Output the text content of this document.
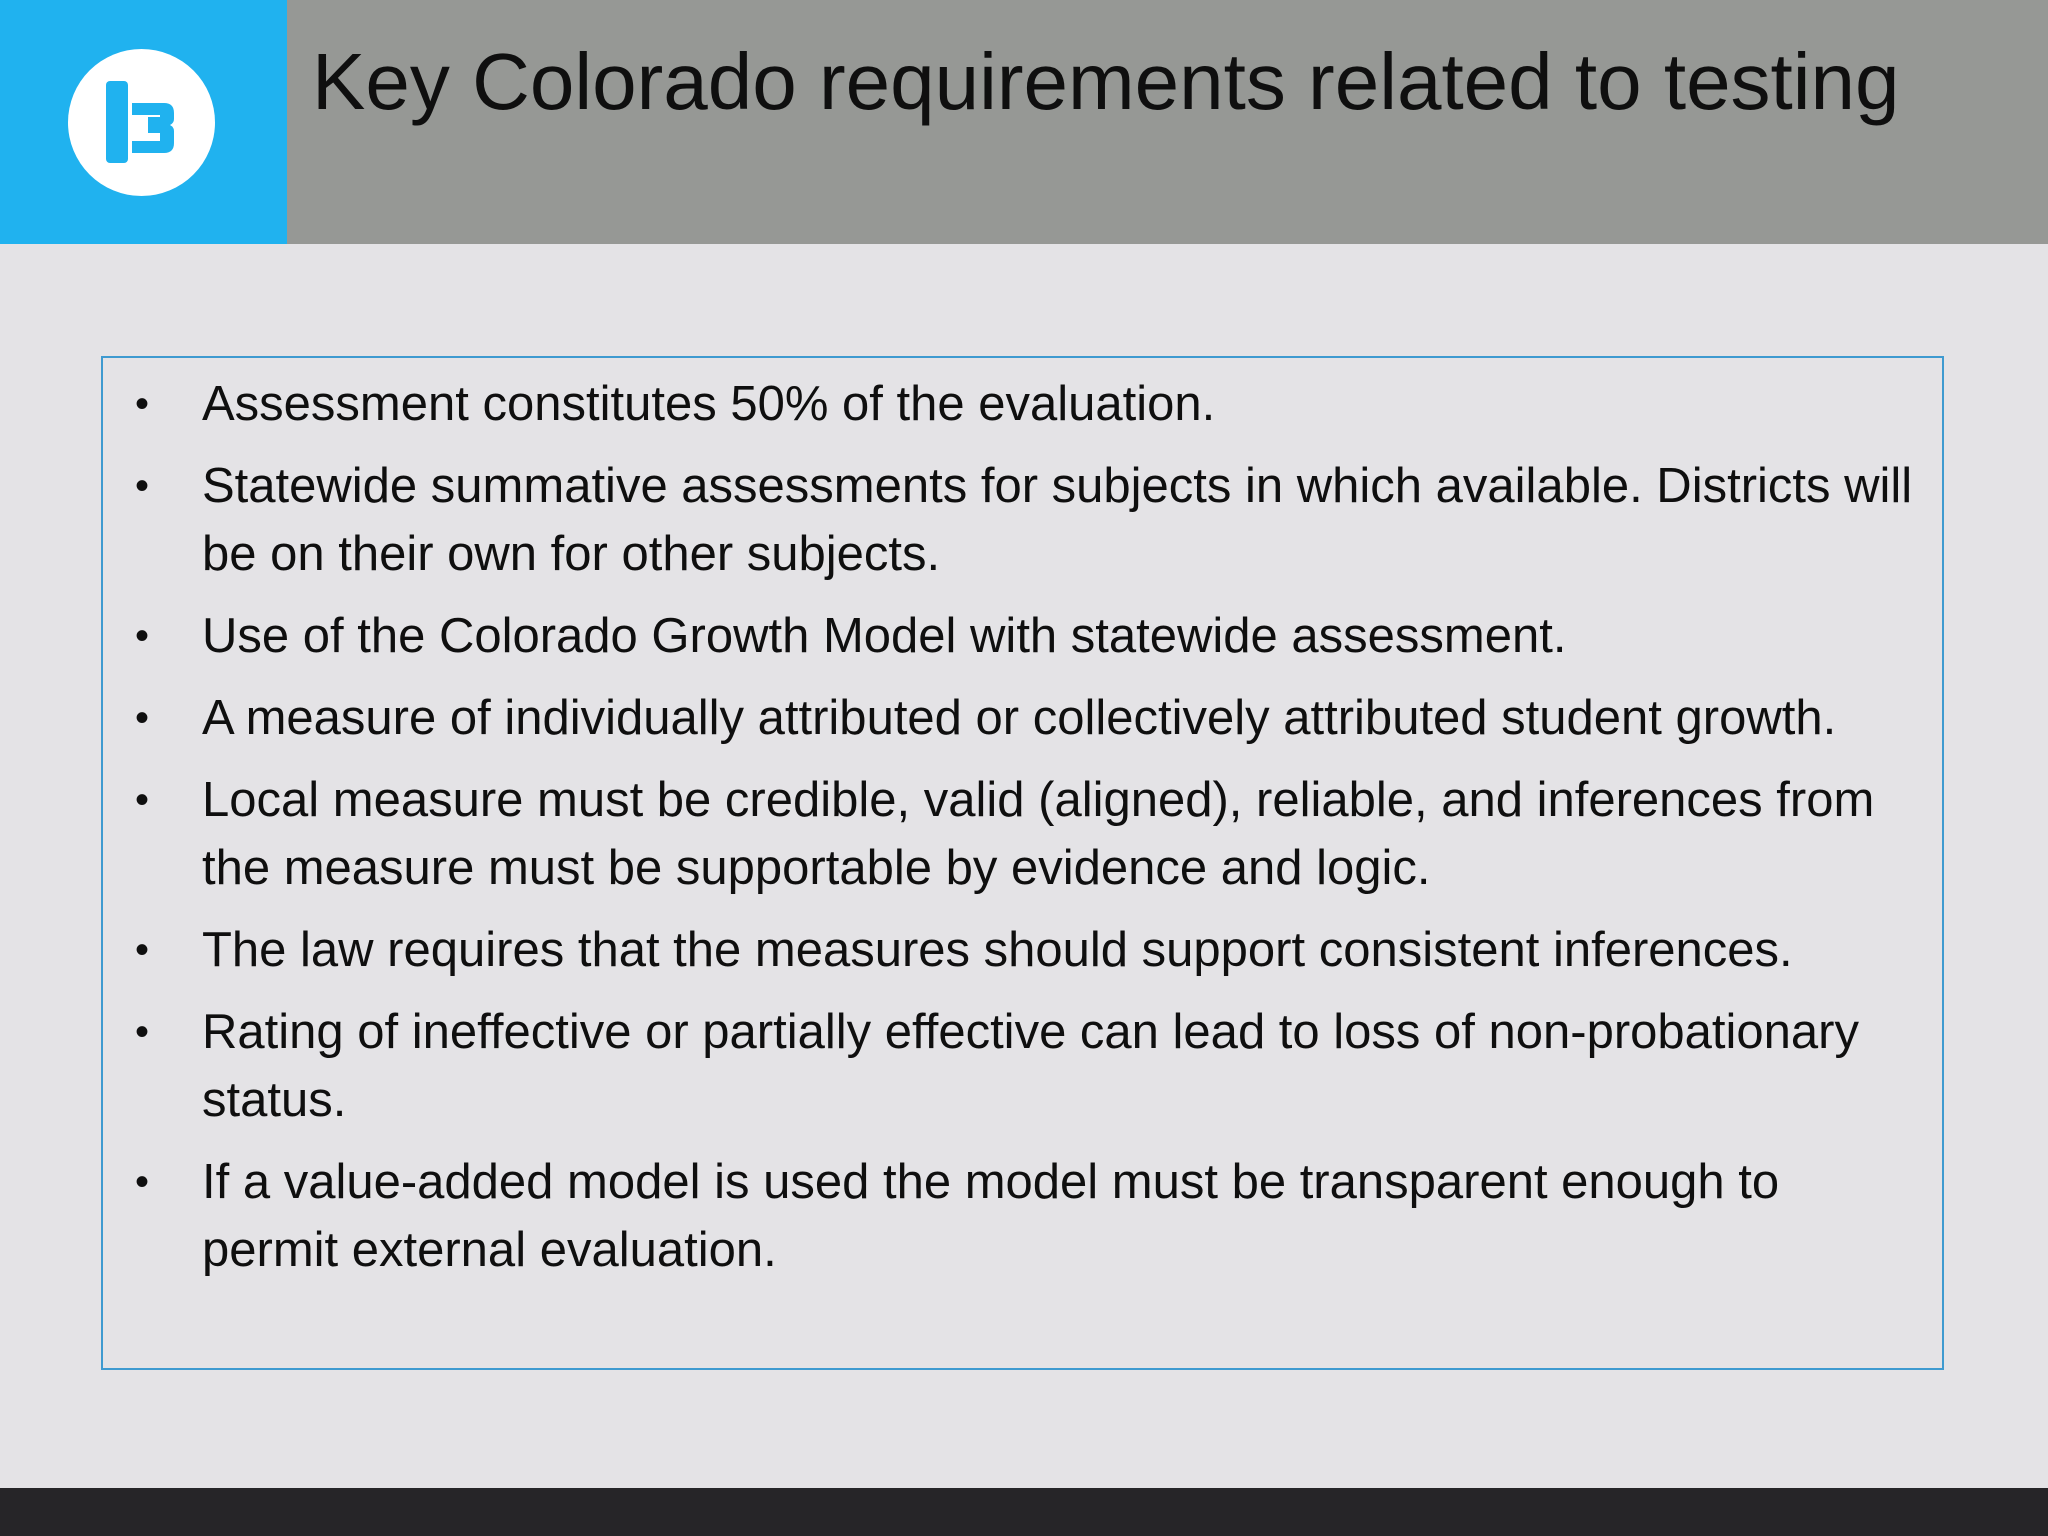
Key Colorado requirements related to testing
• Assessment constitutes 50% of the evaluation.
• Statewide summative assessments for subjects in which available. Districts will be on their own for other subjects.
• Use of the Colorado Growth Model with statewide assessment.
• A measure of individually attributed or collectively attributed student growth.
• Local measure must be credible, valid (aligned), reliable, and inferences from the measure must be supportable by evidence and logic.
• The law requires that the measures should support consistent inferences.
• Rating of ineffective or partially effective can lead to loss of non-probationary status.
• If a value-added model is used the model must be transparent enough to permit external evaluation.
